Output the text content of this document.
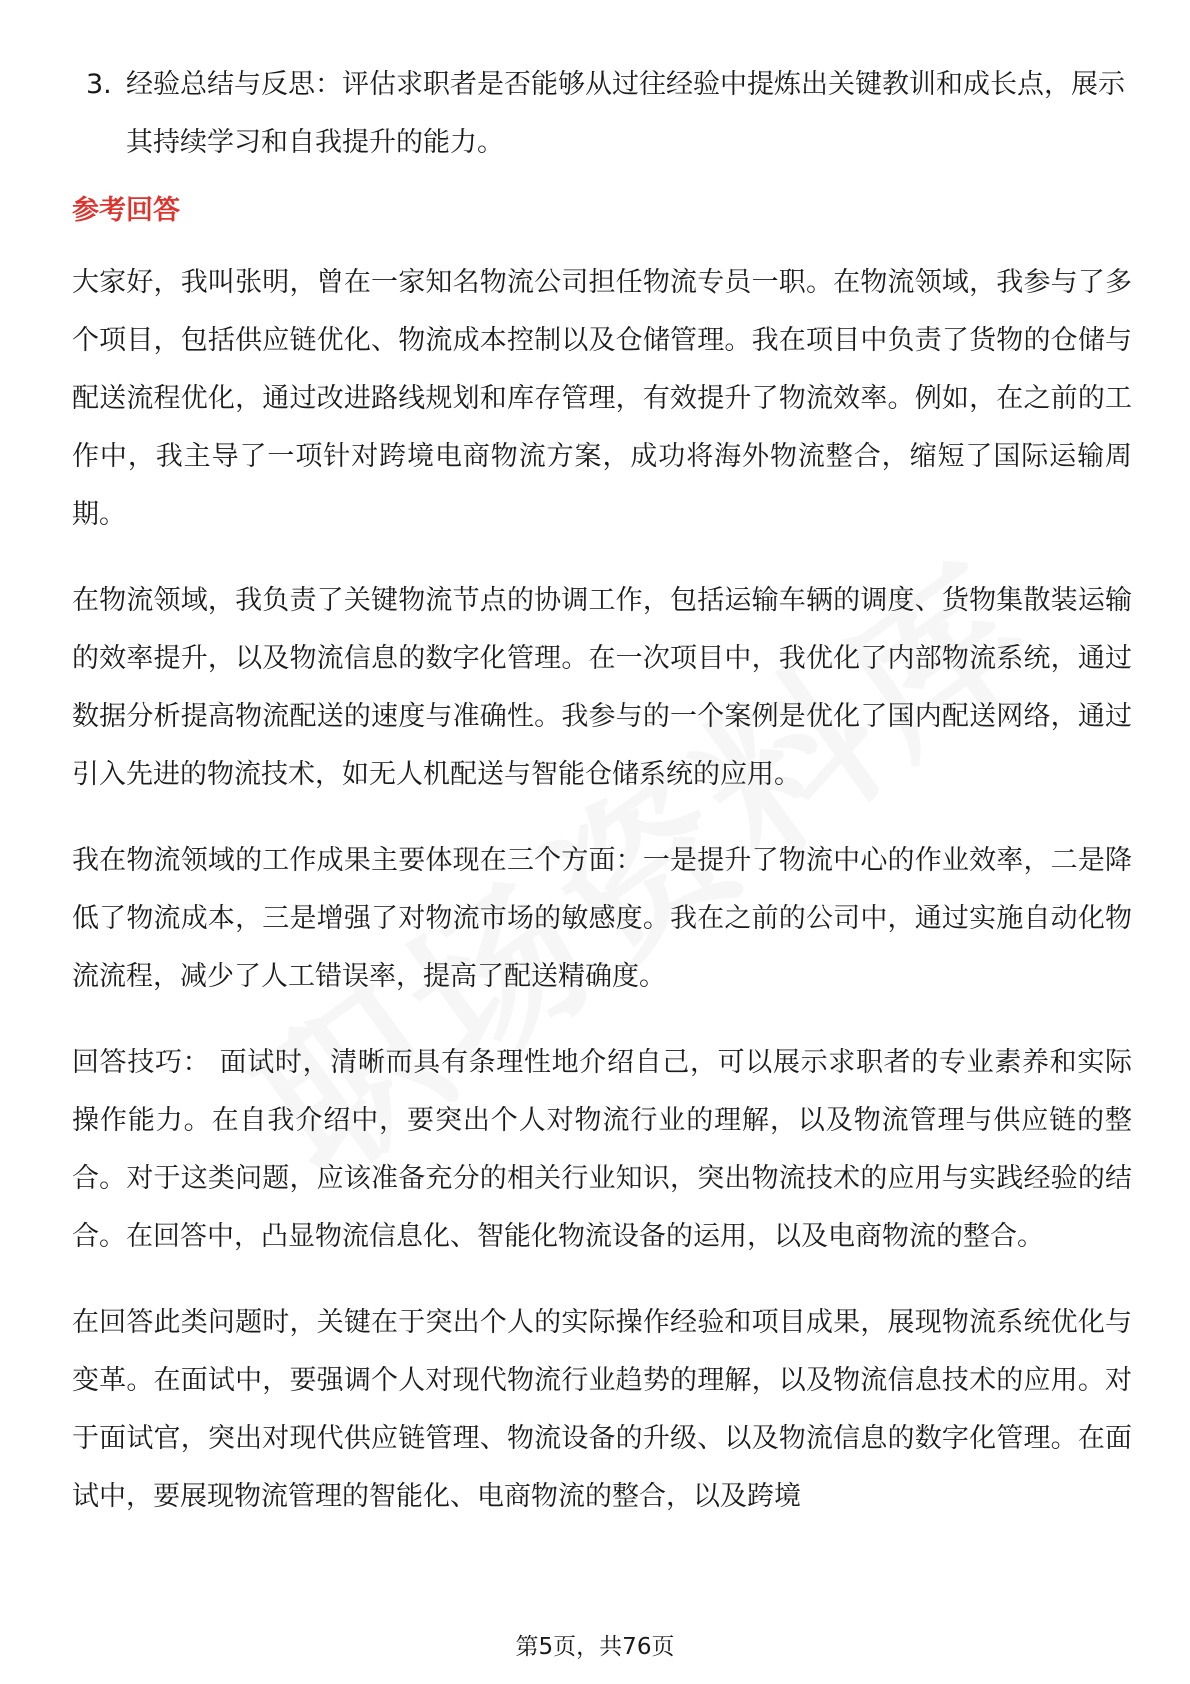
3. 经验总结与反思：评估求职者是否能够从过往经验中提炼出关键教训和成长点，展示其持续学习和自我提升的能力。
参考回答

大家好，我叫张明，曾在一家知名物流公司担任物流专员一职。在物流领域，我参与了多个项目，包括供应链优化、物流成本控制以及仓储管理。我在项目中负责了货物的仓储与配送流程优化，通过改进路线规划和库存管理，有效提升了物流效率。例如，在之前的工作中，我主导了一项针对跨境电商物流方案，成功将海外物流整合，缩短了国际运输周期。

在物流领域，我负责了关键物流节点的协调工作，包括运输车辆的调度、货物集散装运输的效率提升，以及物流信息的数字化管理。在一次项目中，我优化了内部物流系统，通过数据分析提高物流配送的速度与准确性。我参与的一个案例是优化了国内配送网络，通过引入先进的物流技术，如无人机配送与智能仓储系统的应用。

我在物流领域的工作成果主要体现在三个方面：一是提升了物流中心的作业效率，二是降低了物流成本，三是增强了对物流市场的敏感度。我在之前的公司中，通过实施自动化物流流程，减少了人工错误率，提高了配送精确度。

回答技巧： 面试时，清晰而具有条理性地介绍自己，可以展示求职者的专业素养和实际操作能力。在自我介绍中，要突出个人对物流行业的理解，以及物流管理与供应链的整合。对于这类问题，应该准备充分的相关行业知识，突出物流技术的应用与实践经验的结合。在回答中，凸显物流信息化、智能化物流设备的运用，以及电商物流的整合。

在回答此类问题时，关键在于突出个人的实际操作经验和项目成果，展现物流系统优化与变革。在面试中，要强调个人对现代物流行业趋势的理解，以及物流信息技术的应用。对于面试官，突出对现代供应链管理、物流设备的升级、以及物流信息的数字化管理。在面试中，要展现物流管理的智能化、电商物流的整合，以及跨境

第5页，共76页
